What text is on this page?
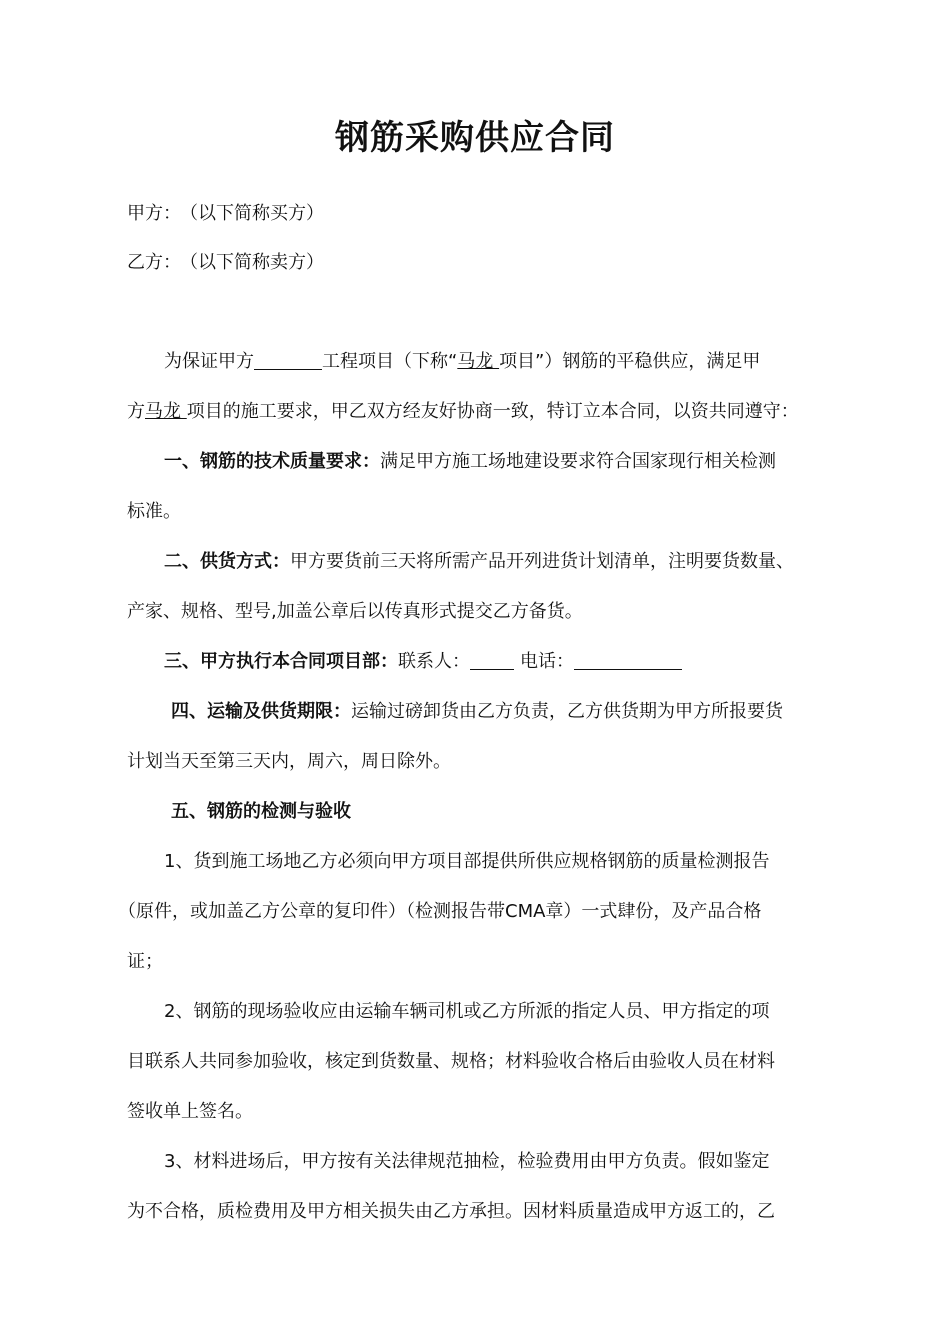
钢筋采购供应合同
甲方： （以下简称买方）
乙方： （以下简称卖方）
为保证甲方	工程项目（下称“马龙 项目”）钢筋的平稳供应，满足甲
方马龙 项目的施工要求，甲乙双方经友好协商一致，特订立本合同，以资共同遵守：
一、钢筋的技术质量要求：满足甲方施工场地建设要求符合国家现行相关检测
标准。
二、供货方式：甲方要货前三天将所需产品开列进货计划清单，注明要货数量、
产家、规格、型号,加盖公章后以传真形式提交乙方备货。
三、甲方执行本合同项目部：联系人：	电话：
四、运输及供货期限：运输过磅卸货由乙方负责，乙方供货期为甲方所报要货
计划当天至第三天内，周六，周日除外。
五、钢筋的检测与验收
1、货到施工场地乙方必须向甲方项目部提供所供应规格钢筋的质量检测报告
（原件，或加盖乙方公章的复印件）（检测报告带CMA章）一式肆份，及产品合格
证；
2、钢筋的现场验收应由运输车辆司机或乙方所派的指定人员、甲方指定的项
目联系人共同参加验收，核定到货数量、规格；材料验收合格后由验收人员在材料
签收单上签名。
3、材料进场后，甲方按有关法律规范抽检，检验费用由甲方负责。假如鉴定
为不合格，质检费用及甲方相关损失由乙方承担。因材料质量造成甲方返工的，乙
